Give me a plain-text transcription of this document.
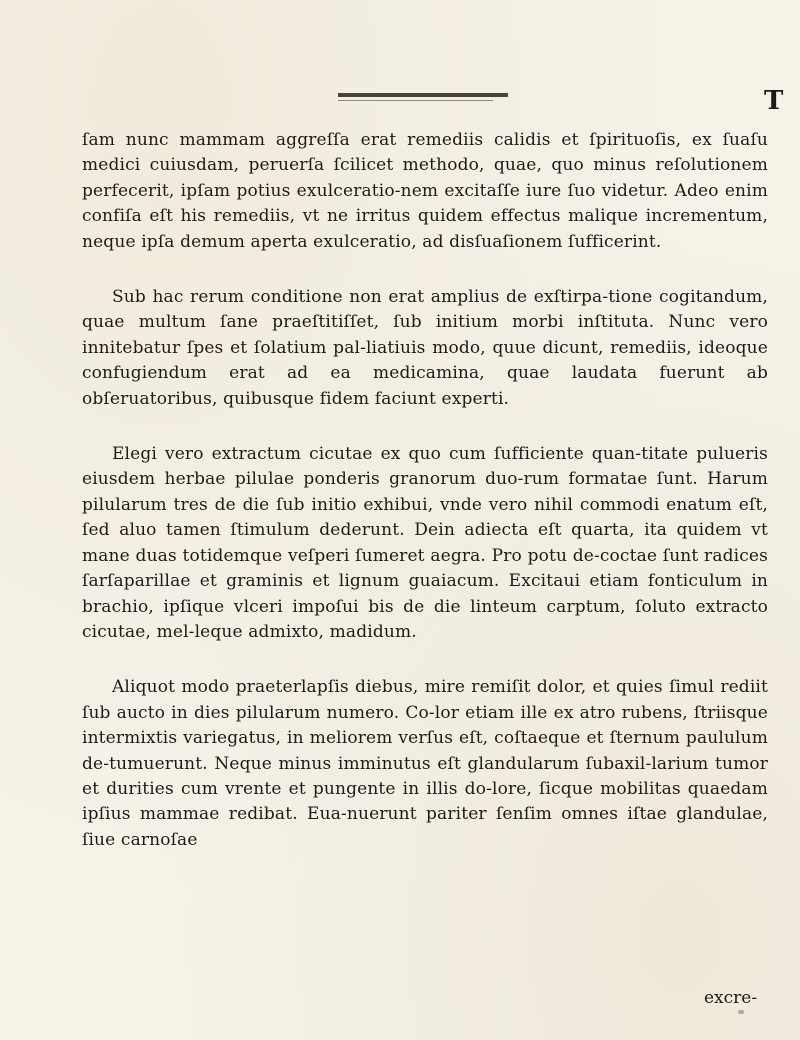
T

ſam nunc mammam aggreſſa erat remediis calidis et ſpirituoſis, ex ſuaſu medici cuiusdam, peruerſa ſcilicet methodo, quae, quo minus reſolutionem perfecerit, ipſam potius exulceratio-nem excitaſſe iure ſuo videtur. Adeo enim confiſa eſt his remediis, vt ne irritus quidem effectus malique incrementum, neque ipſa demum aperta exulceratio, ad disſuaſionem ſufficerint.

Sub hac rerum conditione non erat amplius de exſtirpa-tione cogitandum, quae multum ſane praeſtitiſſet, ſub initium morbi inſtituta. Nunc vero innitebatur ſpes et ſolatium pal-liatiuis modo, quue dicunt, remediis, ideoque confugiendum erat ad ea medicamina, quae laudata fuerunt ab obſeruatoribus, quibusque fidem faciunt experti.

Elegi vero extractum cicutae ex quo cum ſufficiente quan-titate pulueris eiusdem herbae pilulae ponderis granorum duo-rum formatae ſunt. Harum pilularum tres de die ſub initio exhibui, vnde vero nihil commodi enatum eſt, ſed aluo tamen ſtimulum dederunt. Dein adiecta eſt quarta, ita quidem vt mane duas totidemque veſperi ſumeret aegra. Pro potu de-coctae ſunt radices ſarſaparillae et graminis et lignum guaiacum. Excitaui etiam fonticulum in brachio, ipſique vlceri impoſui bis de die linteum carptum, ſoluto extracto cicutae, mel-leque admixto, madidum.

Aliquot modo praeterlapſis diebus, mire remiſit dolor, et quies ſimul rediit ſub aucto in dies pilularum numero. Co-lor etiam ille ex atro rubens, ſtriisque intermixtis variegatus, in meliorem verſus eſt, coſtaeque et ſternum paululum de-tumuerunt. Neque minus imminutus eſt glandularum ſubaxil-larium tumor et durities cum vrente et pungente in illis do-lore, ſicque mobilitas quaedam ipſius mammae redibat. Eua-nuerunt pariter ſenſim omnes iſtae glandulae, ſiue carnoſae

excre-
